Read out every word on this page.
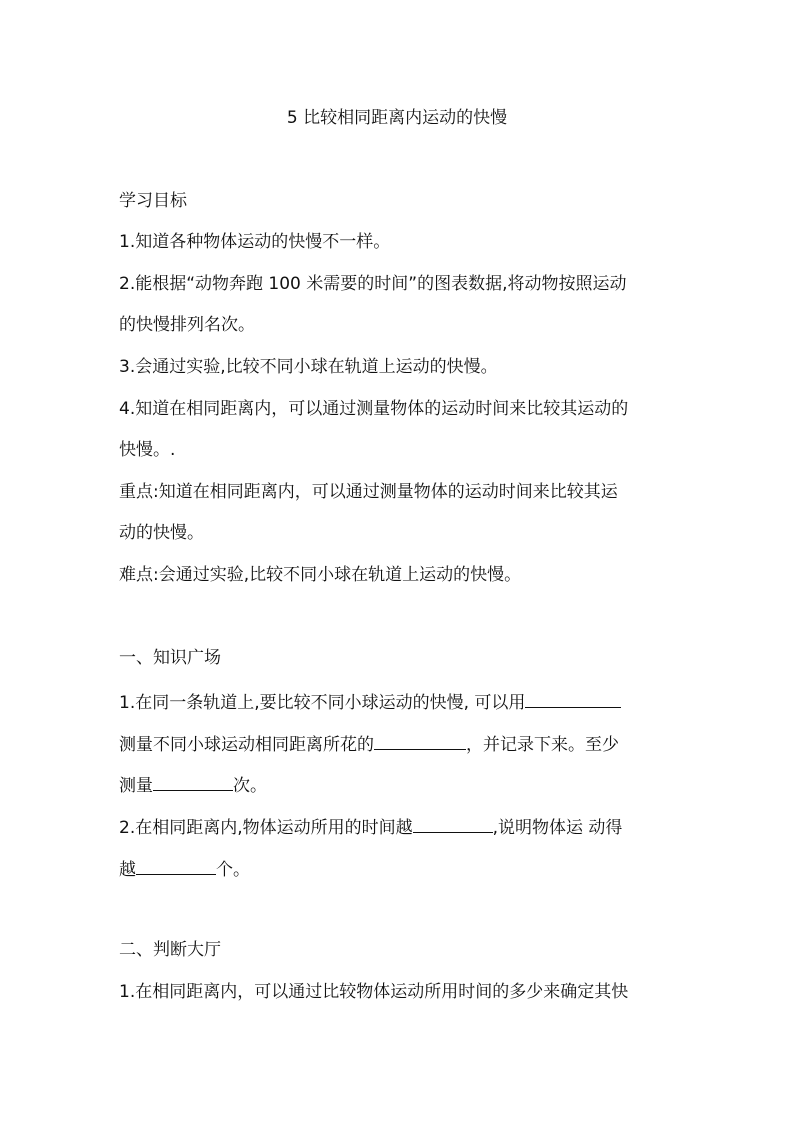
5 比较相同距离内运动的快慢
学习目标
1.知道各种物体运动的快慢不一样。
2.能根据“动物奔跑 100 米需要的时间”的图表数据,将动物按照运动
的快慢排列名次。
3.会通过实验,比较不同小球在轨道上运动的快慢。
4.知道在相同距离内，可以通过测量物体的运动时间来比较其运动的
快慢。.
重点:知道在相同距离内，可以通过测量物体的运动时间来比较其运
动的快慢。
难点:会通过实验,比较不同小球在轨道上运动的快慢。
一、知识广场
1.在同一条轨道上,要比较不同小球运动的快慢, 可以用
测量不同小球运动相同距离所花的	，并记录下来。至少
测量	次。
2.在相同距离内,物体运动所用的时间越	,说明物体运 动得
越	个。
二、判断大厅
1.在相同距离内，可以通过比较物体运动所用时间的多少来确定其快
